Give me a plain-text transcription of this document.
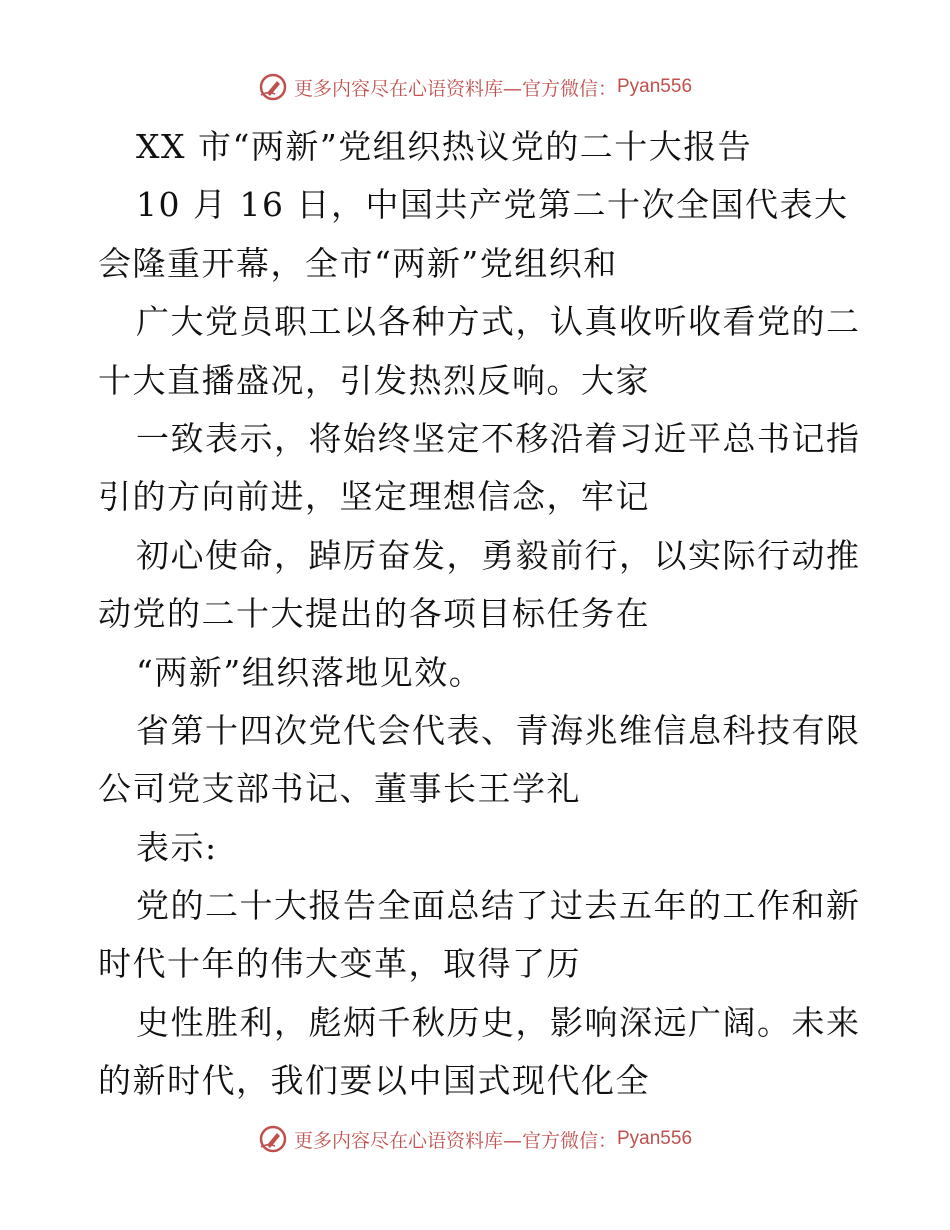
更多内容尽在心语资料库—官方微信： Pyan556
XX 市“两新”党组织热议党的二十大报告
10 月 16 日，中国共产党第二十次全国代表大
会隆重开幕，全市“两新”党组织和
广大党员职工以各种方式，认真收听收看党的二
十大直播盛况，引发热烈反响。大家
一致表示，将始终坚定不移沿着习近平总书记指
引的方向前进，坚定理想信念，牢记
初心使命，踔厉奋发，勇毅前行，以实际行动推
动党的二十大提出的各项目标任务在
“两新”组织落地见效。
省第十四次党代会代表、青海兆维信息科技有限
公司党支部书记、董事长王学礼
表示:
党的二十大报告全面总结了过去五年的工作和新
时代十年的伟大变革，取得了历
史性胜利，彪炳千秋历史，影响深远广阔。未来
的新时代，我们要以中国式现代化全
更多内容尽在心语资料库—官方微信： Pyan556
